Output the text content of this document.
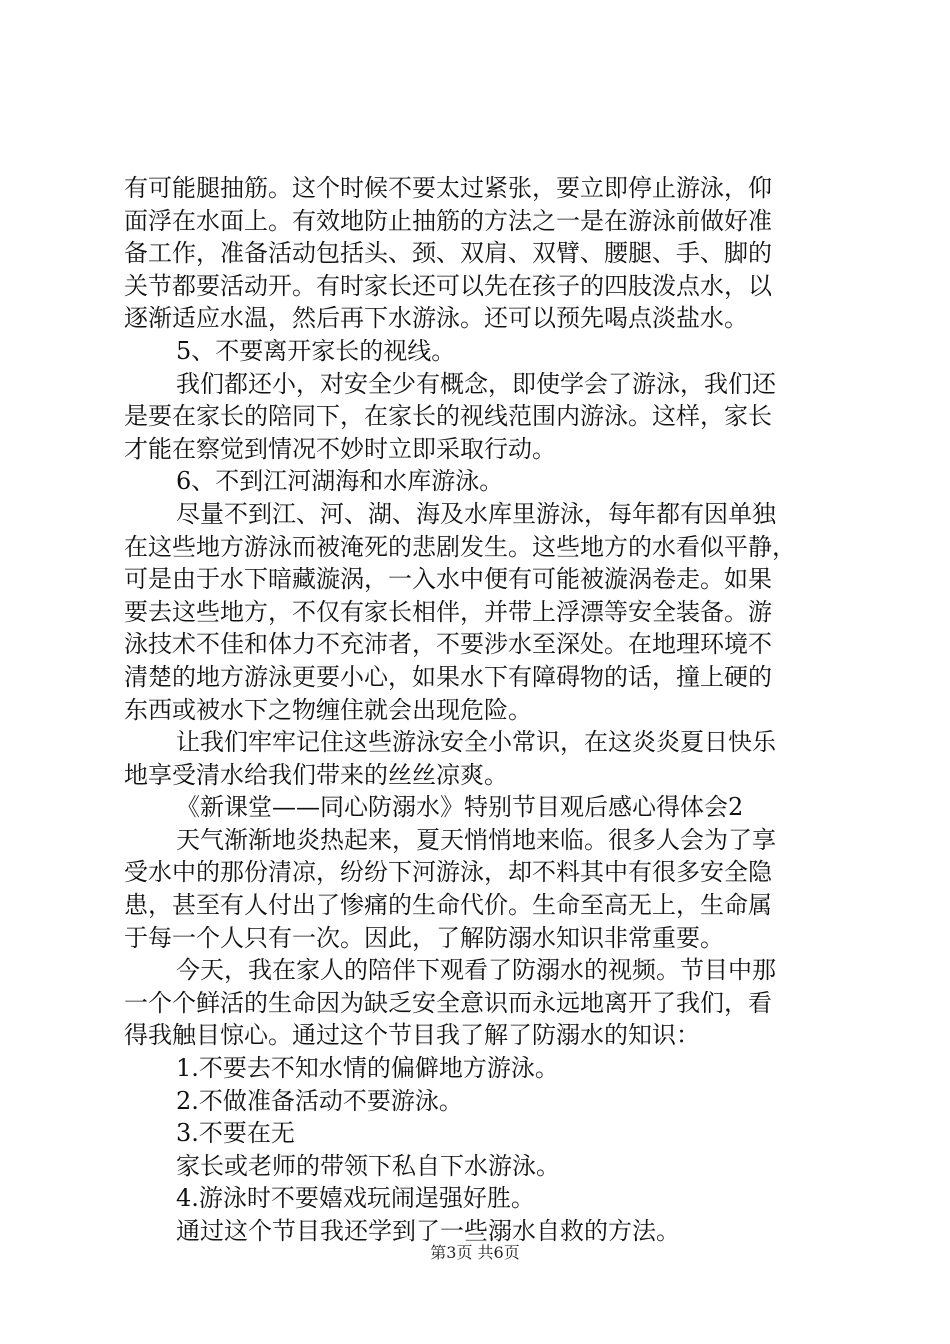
有可能腿抽筋。这个时候不要太过紧张，要立即停止游泳，仰
面浮在水面上。有效地防止抽筋的方法之一是在游泳前做好准
备工作，准备活动包括头、颈、双肩、双臂、腰腿、手、脚的
关节都要活动开。有时家长还可以先在孩子的四肢泼点水，以
逐渐适应水温，然后再下水游泳。还可以预先喝点淡盐水。
5、不要离开家长的视线。
我们都还小，对安全少有概念，即使学会了游泳，我们还
是要在家长的陪同下，在家长的视线范围内游泳。这样，家长
才能在察觉到情况不妙时立即采取行动。
6、不到江河湖海和水库游泳。
尽量不到江、河、湖、海及水库里游泳，每年都有因单独
在这些地方游泳而被淹死的悲剧发生。这些地方的水看似平静，
可是由于水下暗藏漩涡，一入水中便有可能被漩涡卷走。如果
要去这些地方，不仅有家长相伴，并带上浮漂等安全装备。游
泳技术不佳和体力不充沛者，不要涉水至深处。在地理环境不
清楚的地方游泳更要小心，如果水下有障碍物的话，撞上硬的
东西或被水下之物缠住就会出现危险。
让我们牢牢记住这些游泳安全小常识，在这炎炎夏日快乐
地享受清水给我们带来的丝丝凉爽。
《新课堂——同心防溺水》特别节目观后感心得体会2
天气渐渐地炎热起来，夏天悄悄地来临。很多人会为了享
受水中的那份清凉，纷纷下河游泳，却不料其中有很多安全隐
患，甚至有人付出了惨痛的生命代价。生命至高无上，生命属
于每一个人只有一次。因此，了解防溺水知识非常重要。
今天，我在家人的陪伴下观看了防溺水的视频。节目中那
一个个鲜活的生命因为缺乏安全意识而永远地离开了我们，看
得我触目惊心。通过这个节目我了解了防溺水的知识：
1.不要去不知水情的偏僻地方游泳。
2.不做准备活动不要游泳。
3.不要在无
家长或老师的带领下私自下水游泳。
4.游泳时不要嬉戏玩闹逞强好胜。
通过这个节目我还学到了一些溺水自救的方法。
第3页 共6页
